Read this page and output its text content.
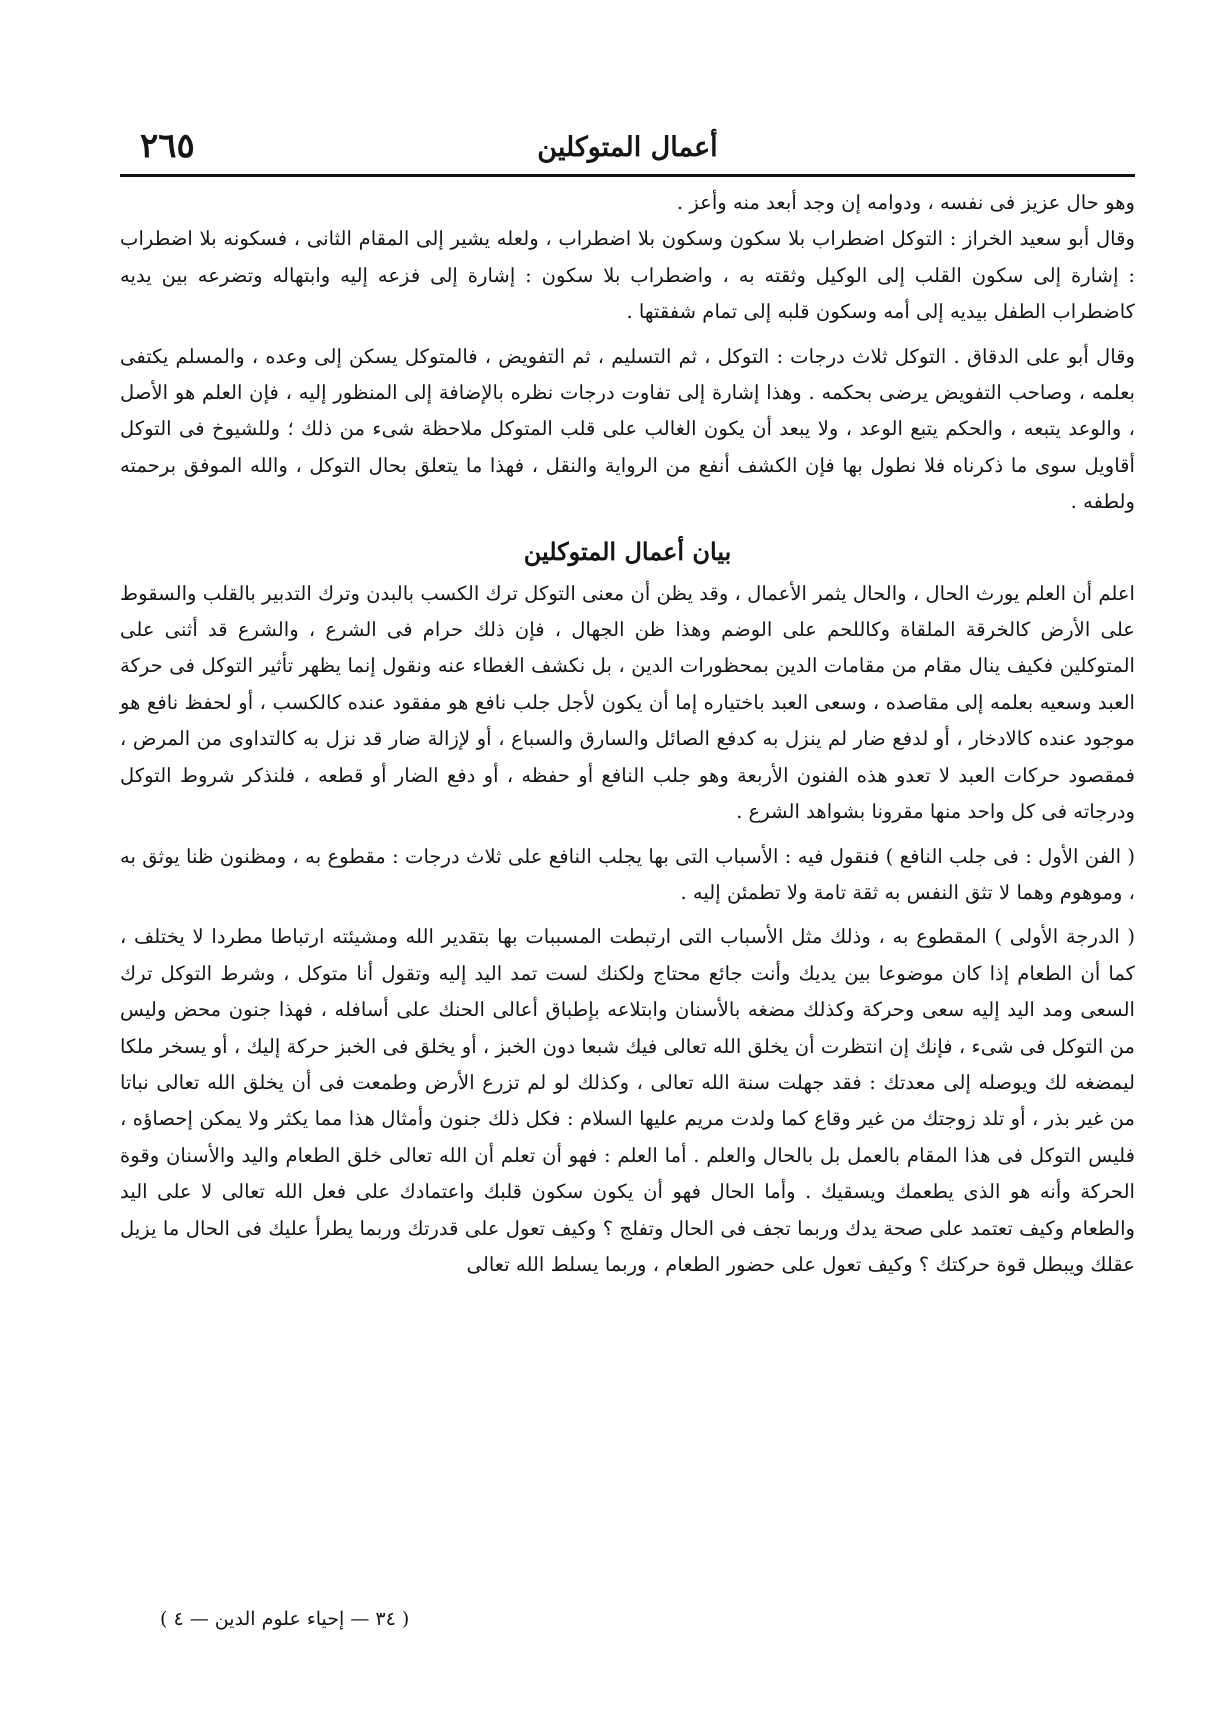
أعمال المتوكلين
٢٦٥

وهو حال عزيز فى نفسه ، ودوامه إن وجد أبعد منه وأعز .

وقال أبو سعيد الخراز : التوكل اضطراب بلا سكون وسكون بلا اضطراب ، ولعله يشير إلى المقام الثانى ، فسكونه بلا اضطراب : إشارة إلى سكون القلب إلى الوكيل وثقته به ، واضطراب بلا سكون : إشارة إلى فزعه إليه وابتهاله وتضرعه بين يديه كاضطراب الطفل بيديه إلى أمه وسكون قلبه إلى تمام شفقتها .

وقال أبو على الدقاق . التوكل ثلاث درجات : التوكل ، ثم التسليم ، ثم التفويض ، فالمتوكل يسكن إلى وعده ، والمسلم يكتفى بعلمه ، وصاحب التفويض يرضى بحكمه . وهذا إشارة إلى تفاوت درجات نظره بالإضافة إلى المنظور إليه ، فإن العلم هو الأصل ، والوعد يتبعه ، والحكم يتبع الوعد ، ولا يبعد أن يكون الغالب على قلب المتوكل ملاحظة شىء من ذلك ؛ وللشيوخ فى التوكل أقاويل سوى ما ذكرناه فلا نطول بها فإن الكشف أنفع من الرواية والنقل ، فهذا ما يتعلق بحال التوكل ، والله الموفق برحمته ولطفه .

بيان أعمال المتوكلين

اعلم أن العلم يورث الحال ، والحال يثمر الأعمال ، وقد يظن أن معنى التوكل ترك الكسب بالبدن وترك التدبير بالقلب والسقوط على الأرض كالخرقة الملقاة وكاللحم على الوضم وهذا ظن الجهال ، فإن ذلك حرام فى الشرع ، والشرع قد أثنى على المتوكلين فكيف ينال مقام من مقامات الدين بمحظورات الدين ، بل نكشف الغطاء عنه ونقول إنما يظهر تأثير التوكل فى حركة العبد وسعيه بعلمه إلى مقاصده ، وسعى العبد باختياره إما أن يكون لأجل جلب نافع هو مفقود عنده كالكسب ، أو لحفظ نافع هو موجود عنده كالادخار ، أو لدفع ضار لم ينزل به كدفع الصائل والسارق والسباع ، أو لإزالة ضار قد نزل به كالتداوى من المرض ، فمقصود حركات العبد لا تعدو هذه الفنون الأربعة وهو جلب النافع أو حفظه ، أو دفع الضار أو قطعه ، فلنذكر شروط التوكل ودرجاته فى كل واحد منها مقرونا بشواهد الشرع .

( الفن الأول : فى جلب النافع ) فنقول فيه : الأسباب التى بها يجلب النافع على ثلاث درجات : مقطوع به ، ومظنون ظنا يوثق به ، وموهوم وهما لا تثق النفس به ثقة تامة ولا تطمئن إليه .

( الدرجة الأولى ) المقطوع به ، وذلك مثل الأسباب التى ارتبطت المسببات بها بتقدير الله ومشيئته ارتباطا مطردا لا يختلف ، كما أن الطعام إذا كان موضوعا بين يديك وأنت جائع محتاج ولكنك لست تمد اليد إليه وتقول أنا متوكل ، وشرط التوكل ترك السعى ومد اليد إليه سعى وحركة وكذلك مضغه بالأسنان وابتلاعه بإطباق أعالى الحنك على أسافله ، فهذا جنون محض وليس من التوكل فى شىء ، فإنك إن انتظرت أن يخلق الله تعالى فيك شبعا دون الخبز ، أو يخلق فى الخبز حركة إليك ، أو يسخر ملكا ليمضغه لك ويوصله إلى معدتك : فقد جهلت سنة الله تعالى ، وكذلك لو لم تزرع الأرض وطمعت فى أن يخلق الله تعالى نباتا من غير بذر ، أو تلد زوجتك من غير وقاع كما ولدت مريم عليها السلام : فكل ذلك جنون وأمثال هذا مما يكثر ولا يمكن إحصاؤه ، فليس التوكل فى هذا المقام بالعمل بل بالحال والعلم . أما العلم : فهو أن تعلم أن الله تعالى خلق الطعام واليد والأسنان وقوة الحركة وأنه هو الذى يطعمك ويسقيك . وأما الحال فهو أن يكون سكون قلبك واعتمادك على فعل الله تعالى لا على اليد والطعام وكيف تعتمد على صحة يدك وربما تجف فى الحال وتفلج ؟ وكيف تعول على قدرتك وربما يطرأ عليك فى الحال ما يزيل عقلك ويبطل قوة حركتك ؟ وكيف تعول على حضور الطعام ، وربما يسلط الله تعالى

( ٣٤ — إحياء علوم الدين — ٤ )
